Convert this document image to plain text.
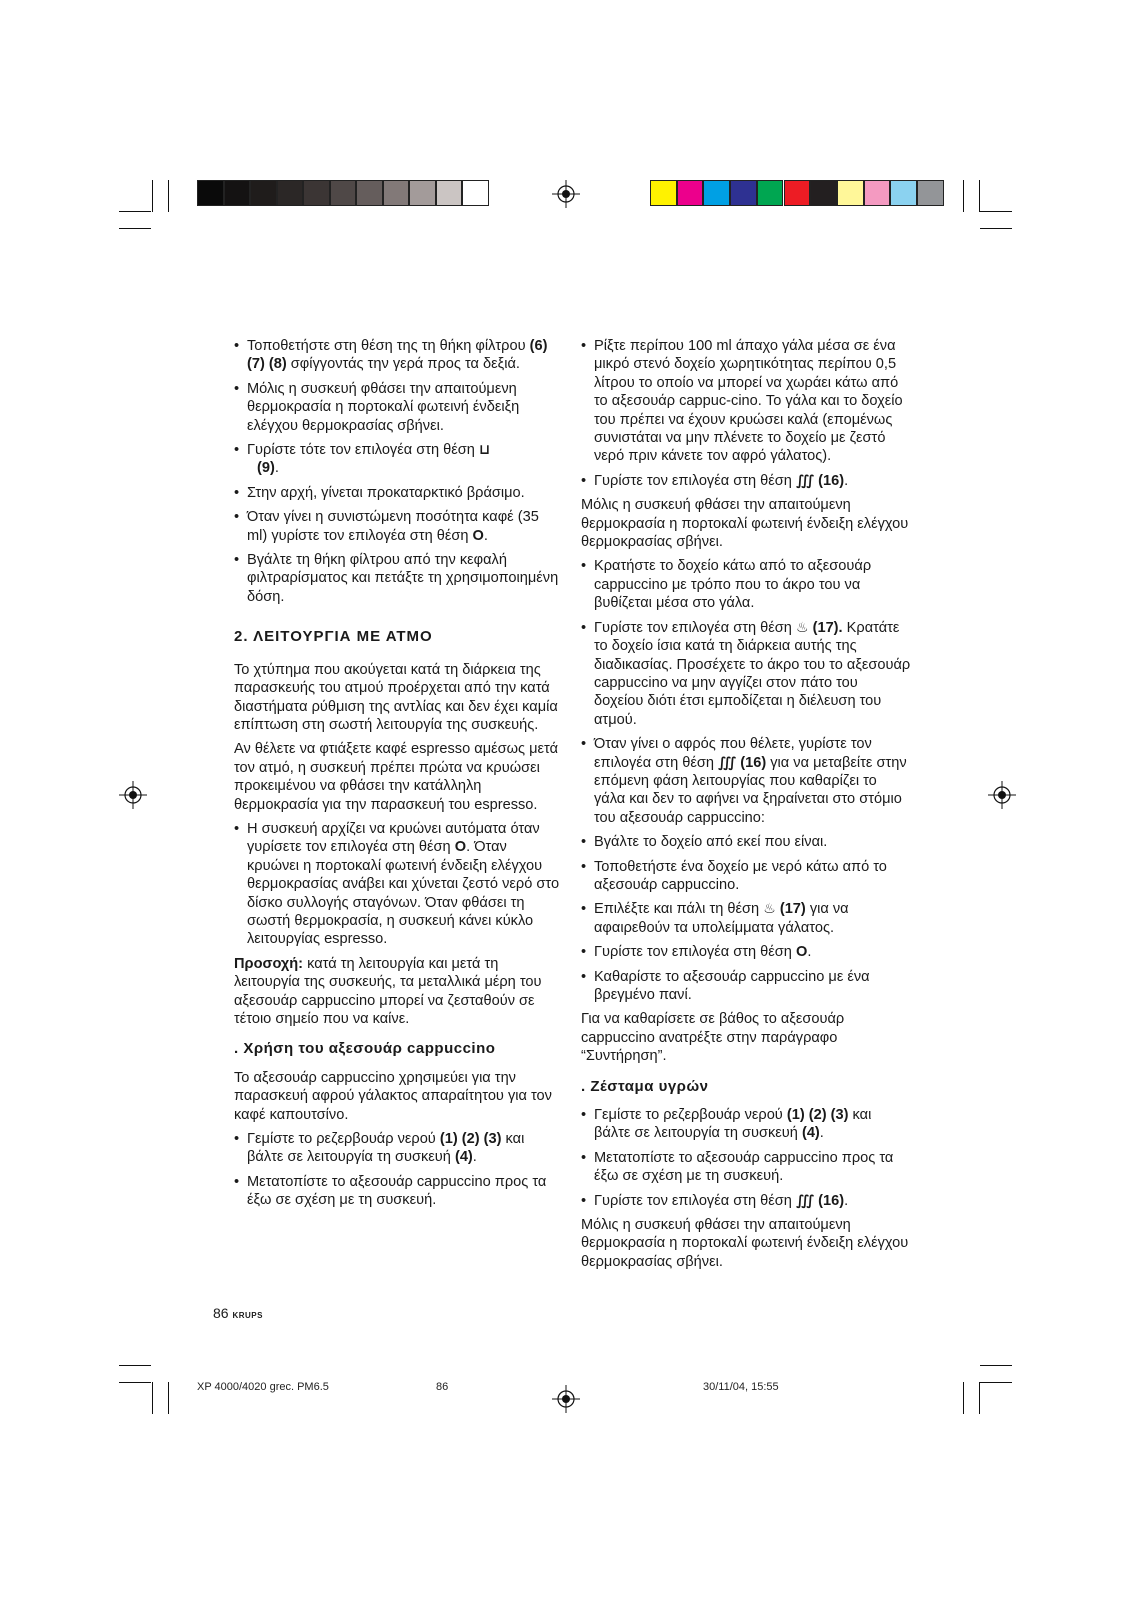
• Τοποθετήστε στη θέση της τη θήκη φίλτρου (6) (7) (8) σφίγγοντάς την γερά προς τα δεξιά.
• Μόλις η συσκευή φθάσει την απαιτούμενη θερμοκρασία η πορτοκαλί φωτεινή ένδειξη ελέγχου θερμοκρασίας σβήνει.
• Γυρίστε τότε τον επιλογέα στη θέση ⊔
(9).
• Στην αρχή, γίνεται προκαταρκτικό βράσιμο.
• Όταν γίνει η συνιστώμενη ποσότητα καφέ (35 ml) γυρίστε τον επιλογέα στη θέση O.
• Βγάλτε τη θήκη φίλτρου από την κεφαλή φιλτραρίσματος και πετάξτε τη χρησιμοποιημένη δόση.
2. ΛΕΙΤΟΥΡΓΙΑ ΜΕ ΑΤΜΟ

Το χτύπημα που ακούγεται κατά τη διάρκεια της παρασκευής του ατμού προέρχεται από την κατά διαστήματα ρύθμιση της αντλίας και δεν έχει καμία επίπτωση στη σωστή λειτουργία της συσκευής.

Αν θέλετε να φτιάξετε καφέ espresso αμέσως μετά τον ατμό, η συσκευή πρέπει πρώτα να κρυώσει προκειμένου να φθάσει την κατάλληλη θερμοκρασία για την παρασκευή του espresso.

• Η συσκευή αρχίζει να κρυώνει αυτόματα όταν γυρίσετε τον επιλογέα στη θέση O. Όταν κρυώνει η πορτοκαλί φωτεινή ένδειξη ελέγχου θερμοκρασίας ανάβει και χύνεται ζεστό νερό στο δίσκο συλλογής σταγόνων. Όταν φθάσει τη σωστή θερμοκρασία, η συσκευή κάνει κύκλο λειτουργίας espresso.

Προσοχή: κατά τη λειτουργία και μετά τη λειτουργία της συσκευής, τα μεταλλικά μέρη του αξεσουάρ cappuccino μπορεί να ζεσταθούν σε τέτοιο σημείο που να καίνε.

. Χρήση του αξεσουάρ cappuccino

Το αξεσουάρ cappuccino χρησιμεύει για την παρασκευή αφρού γάλακτος απαραίτητου για τον καφέ καπουτσίνο.

• Γεμίστε το ρεζερβουάρ νερού (1) (2) (3) και βάλτε σε λειτουργία τη συσκευή (4).
• Μετατοπίστε το αξεσουάρ cappuccino προς τα έξω σε σχέση με τη συσκευή.
• Ρίξτε περίπου 100 ml άπαχο γάλα μέσα σε ένα μικρό στενό δοχείο χωρητικότητας περίπου 0,5 λίτρου το οποίο να μπορεί να χωράει κάτω από το αξεσουάρ cappuc-cino. Το γάλα και το δοχείο του πρέπει να έχουν κρυώσει καλά (επομένως συνιστάται να μην πλένετε το δοχείο με ζεστό νερό πριν κάνετε τον αφρό γάλατος).
• Γυρίστε τον επιλογέα στη θέση ∭ (16).

Μόλις η συσκευή φθάσει την απαιτούμενη θερμοκρασία η πορτοκαλί φωτεινή ένδειξη ελέγχου θερμοκρασίας σβήνει.

• Κρατήστε το δοχείο κάτω από το αξεσουάρ cappuccino με τρόπο που το άκρο του να βυθίζεται μέσα στο γάλα.
• Γυρίστε τον επιλογέα στη θέση ♨ (17). Κρατάτε το δοχείο ίσια κατά τη διάρκεια αυτής της διαδικασίας. Προσέχετε το άκρο του το αξεσουάρ cappuccino να μην αγγίζει στον πάτο του δοχείου διότι έτσι εμποδίζεται η διέλευση του ατμού.
• Όταν γίνει ο αφρός που θέλετε, γυρίστε τον επιλογέα στη θέση ∭ (16) για να μεταβείτε στην επόμενη φάση λειτουργίας που καθαρίζει το γάλα και δεν το αφήνει να ξηραίνεται στο στόμιο του αξεσουάρ cappuccino:
• Βγάλτε το δοχείο από εκεί που είναι.
• Τοποθετήστε ένα δοχείο με νερό κάτω από το αξεσουάρ cappuccino.
• Επιλέξτε και πάλι τη θέση ♨ (17) για να αφαιρεθούν τα υπολείμματα γάλατος.
• Γυρίστε τον επιλογέα στη θέση O.
• Καθαρίστε το αξεσουάρ cappuccino με ένα βρεγμένο πανί.

Για να καθαρίσετε σε βάθος το αξεσουάρ cappuccino ανατρέξτε στην παράγραφο “Συντήρηση”.

. Ζέσταμα υγρών
• Γεμίστε το ρεζερβουάρ νερού (1) (2) (3) και βάλτε σε λειτουργία τη συσκευή (4).
• Μετατοπίστε το αξεσουάρ cappuccino προς τα έξω σε σχέση με τη συσκευή.
• Γυρίστε τον επιλογέα στη θέση ∭ (16).

Μόλις η συσκευή φθάσει την απαιτούμενη θερμοκρασία η πορτοκαλί φωτεινή ένδειξη ελέγχου θερμοκρασίας σβήνει.

86 KRUPS
XP 4000/4020 grec. PM6.5	86	30/11/04, 15:55
